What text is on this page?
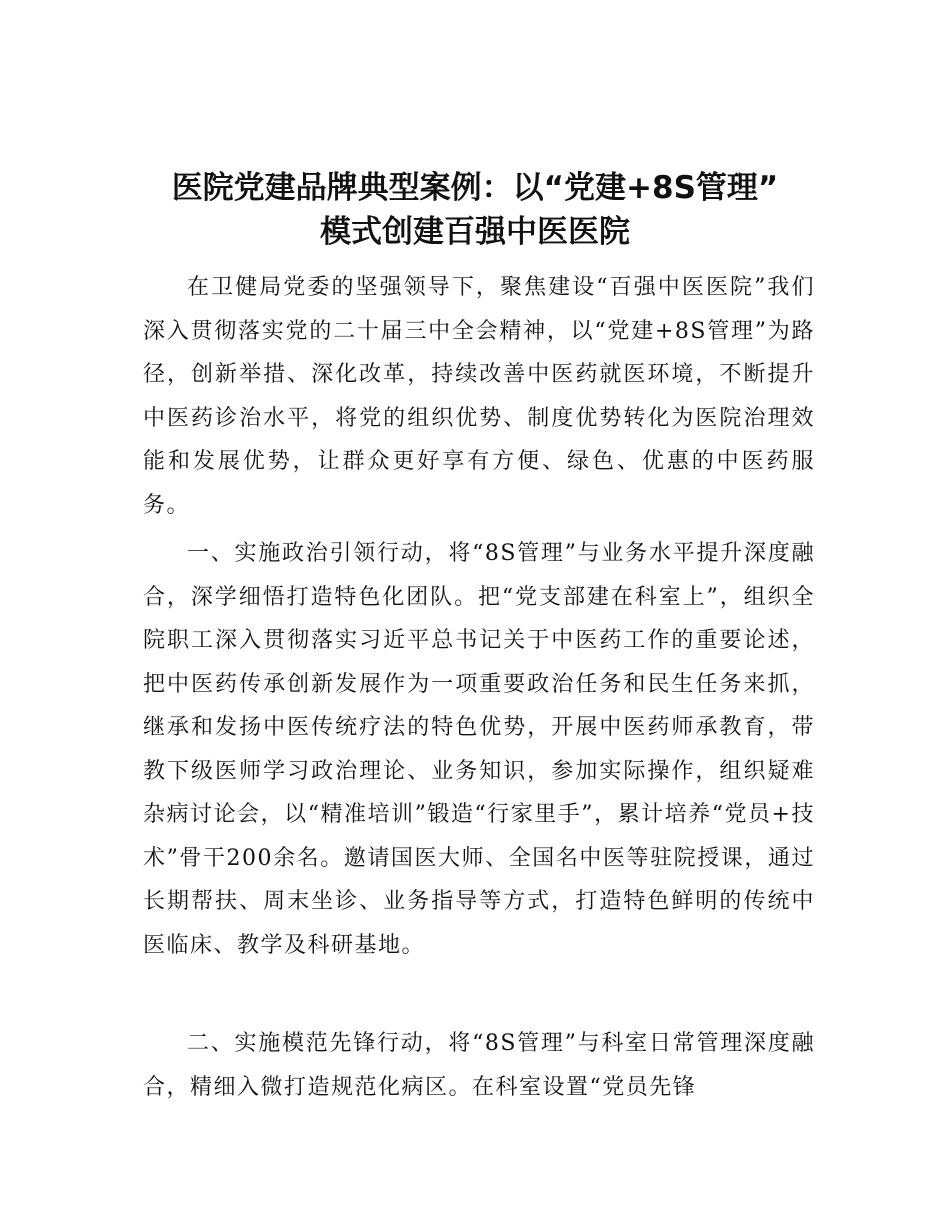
医院党建品牌典型案例：以“党建+8S管理”
模式创建百强中医医院

在卫健局党委的坚强领导下，聚焦建设“百强中医医院”我们深入贯彻落实党的二十届三中全会精神，以“党建+8S管理”为路径，创新举措、深化改革，持续改善中医药就医环境，不断提升中医药诊治水平，将党的组织优势、制度优势转化为医院治理效能和发展优势，让群众更好享有方便、绿色、优惠的中医药服务。

一、实施政治引领行动，将“8S管理”与业务水平提升深度融合，深学细悟打造特色化团队。把“党支部建在科室上”，组织全院职工深入贯彻落实习近平总书记关于中医药工作的重要论述，把中医药传承创新发展作为一项重要政治任务和民生任务来抓，继承和发扬中医传统疗法的特色优势，开展中医药师承教育，带教下级医师学习政治理论、业务知识，参加实际操作，组织疑难杂病讨论会，以“精准培训”锻造“行家里手”，累计培养“党员+技术”骨干200余名。邀请国医大师、全国名中医等驻院授课，通过长期帮扶、周末坐诊、业务指导等方式，打造特色鲜明的传统中医临床、教学及科研基地。

二、实施模范先锋行动，将“8S管理”与科室日常管理深度融合，精细入微打造规范化病区。在科室设置“党员先锋
